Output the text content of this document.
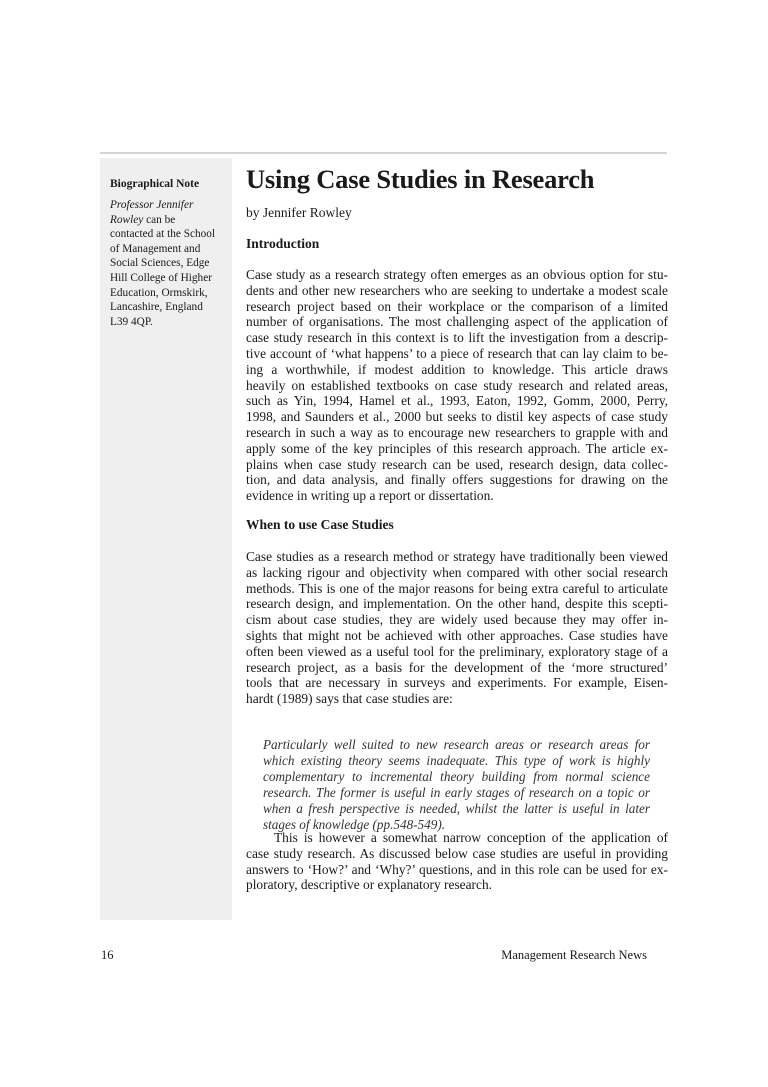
Biographical Note
Professor Jennifer
Rowley can be
contacted at the School
of Management and
Social Sciences, Edge
Hill College of Higher
Education, Ormskirk,
Lancashire, England
L39 4QP.
Using Case Studies in Research
by Jennifer Rowley
Introduction
Case study as a research strategy often emerges as an obvious option for stu-
dents and other new researchers who are seeking to undertake a modest scale
research project based on their workplace or the comparison of a limited
number of organisations. The most challenging aspect of the application of
case study research in this context is to lift the investigation from a descrip-
tive account of ‘what happens’ to a piece of research that can lay claim to be-
ing a worthwhile, if modest addition to knowledge. This article draws
heavily on established textbooks on case study research and related areas,
such as Yin, 1994, Hamel et al., 1993, Eaton, 1992, Gomm, 2000, Perry,
1998, and Saunders et al., 2000 but seeks to distil key aspects of case study
research in such a way as to encourage new researchers to grapple with and
apply some of the key principles of this research approach. The article ex-
plains when case study research can be used, research design, data collec-
tion, and data analysis, and finally offers suggestions for drawing on the
evidence in writing up a report or dissertation.
When to use Case Studies
Case studies as a research method or strategy have traditionally been viewed
as lacking rigour and objectivity when compared with other social research
methods. This is one of the major reasons for being extra careful to articulate
research design, and implementation. On the other hand, despite this scepti-
cism about case studies, they are widely used because they may offer in-
sights that might not be achieved with other approaches. Case studies have
often been viewed as a useful tool for the preliminary, exploratory stage of a
research project, as a basis for the development of the ‘more structured’
tools that are necessary in surveys and experiments. For example, Eisen-
hardt (1989) says that case studies are:
Particularly well suited to new research areas or research areas for
which existing theory seems inadequate. This type of work is highly
complementary to incremental theory building from normal science
research. The former is useful in early stages of research on a topic or
when a fresh perspective is needed, whilst the latter is useful in later
stages of knowledge (pp.548-549).
This is however a somewhat narrow conception of the application of
case study research. As discussed below case studies are useful in providing
answers to ‘How?’ and ‘Why?’ questions, and in this role can be used for ex-
ploratory, descriptive or explanatory research.
16	Management Research News
